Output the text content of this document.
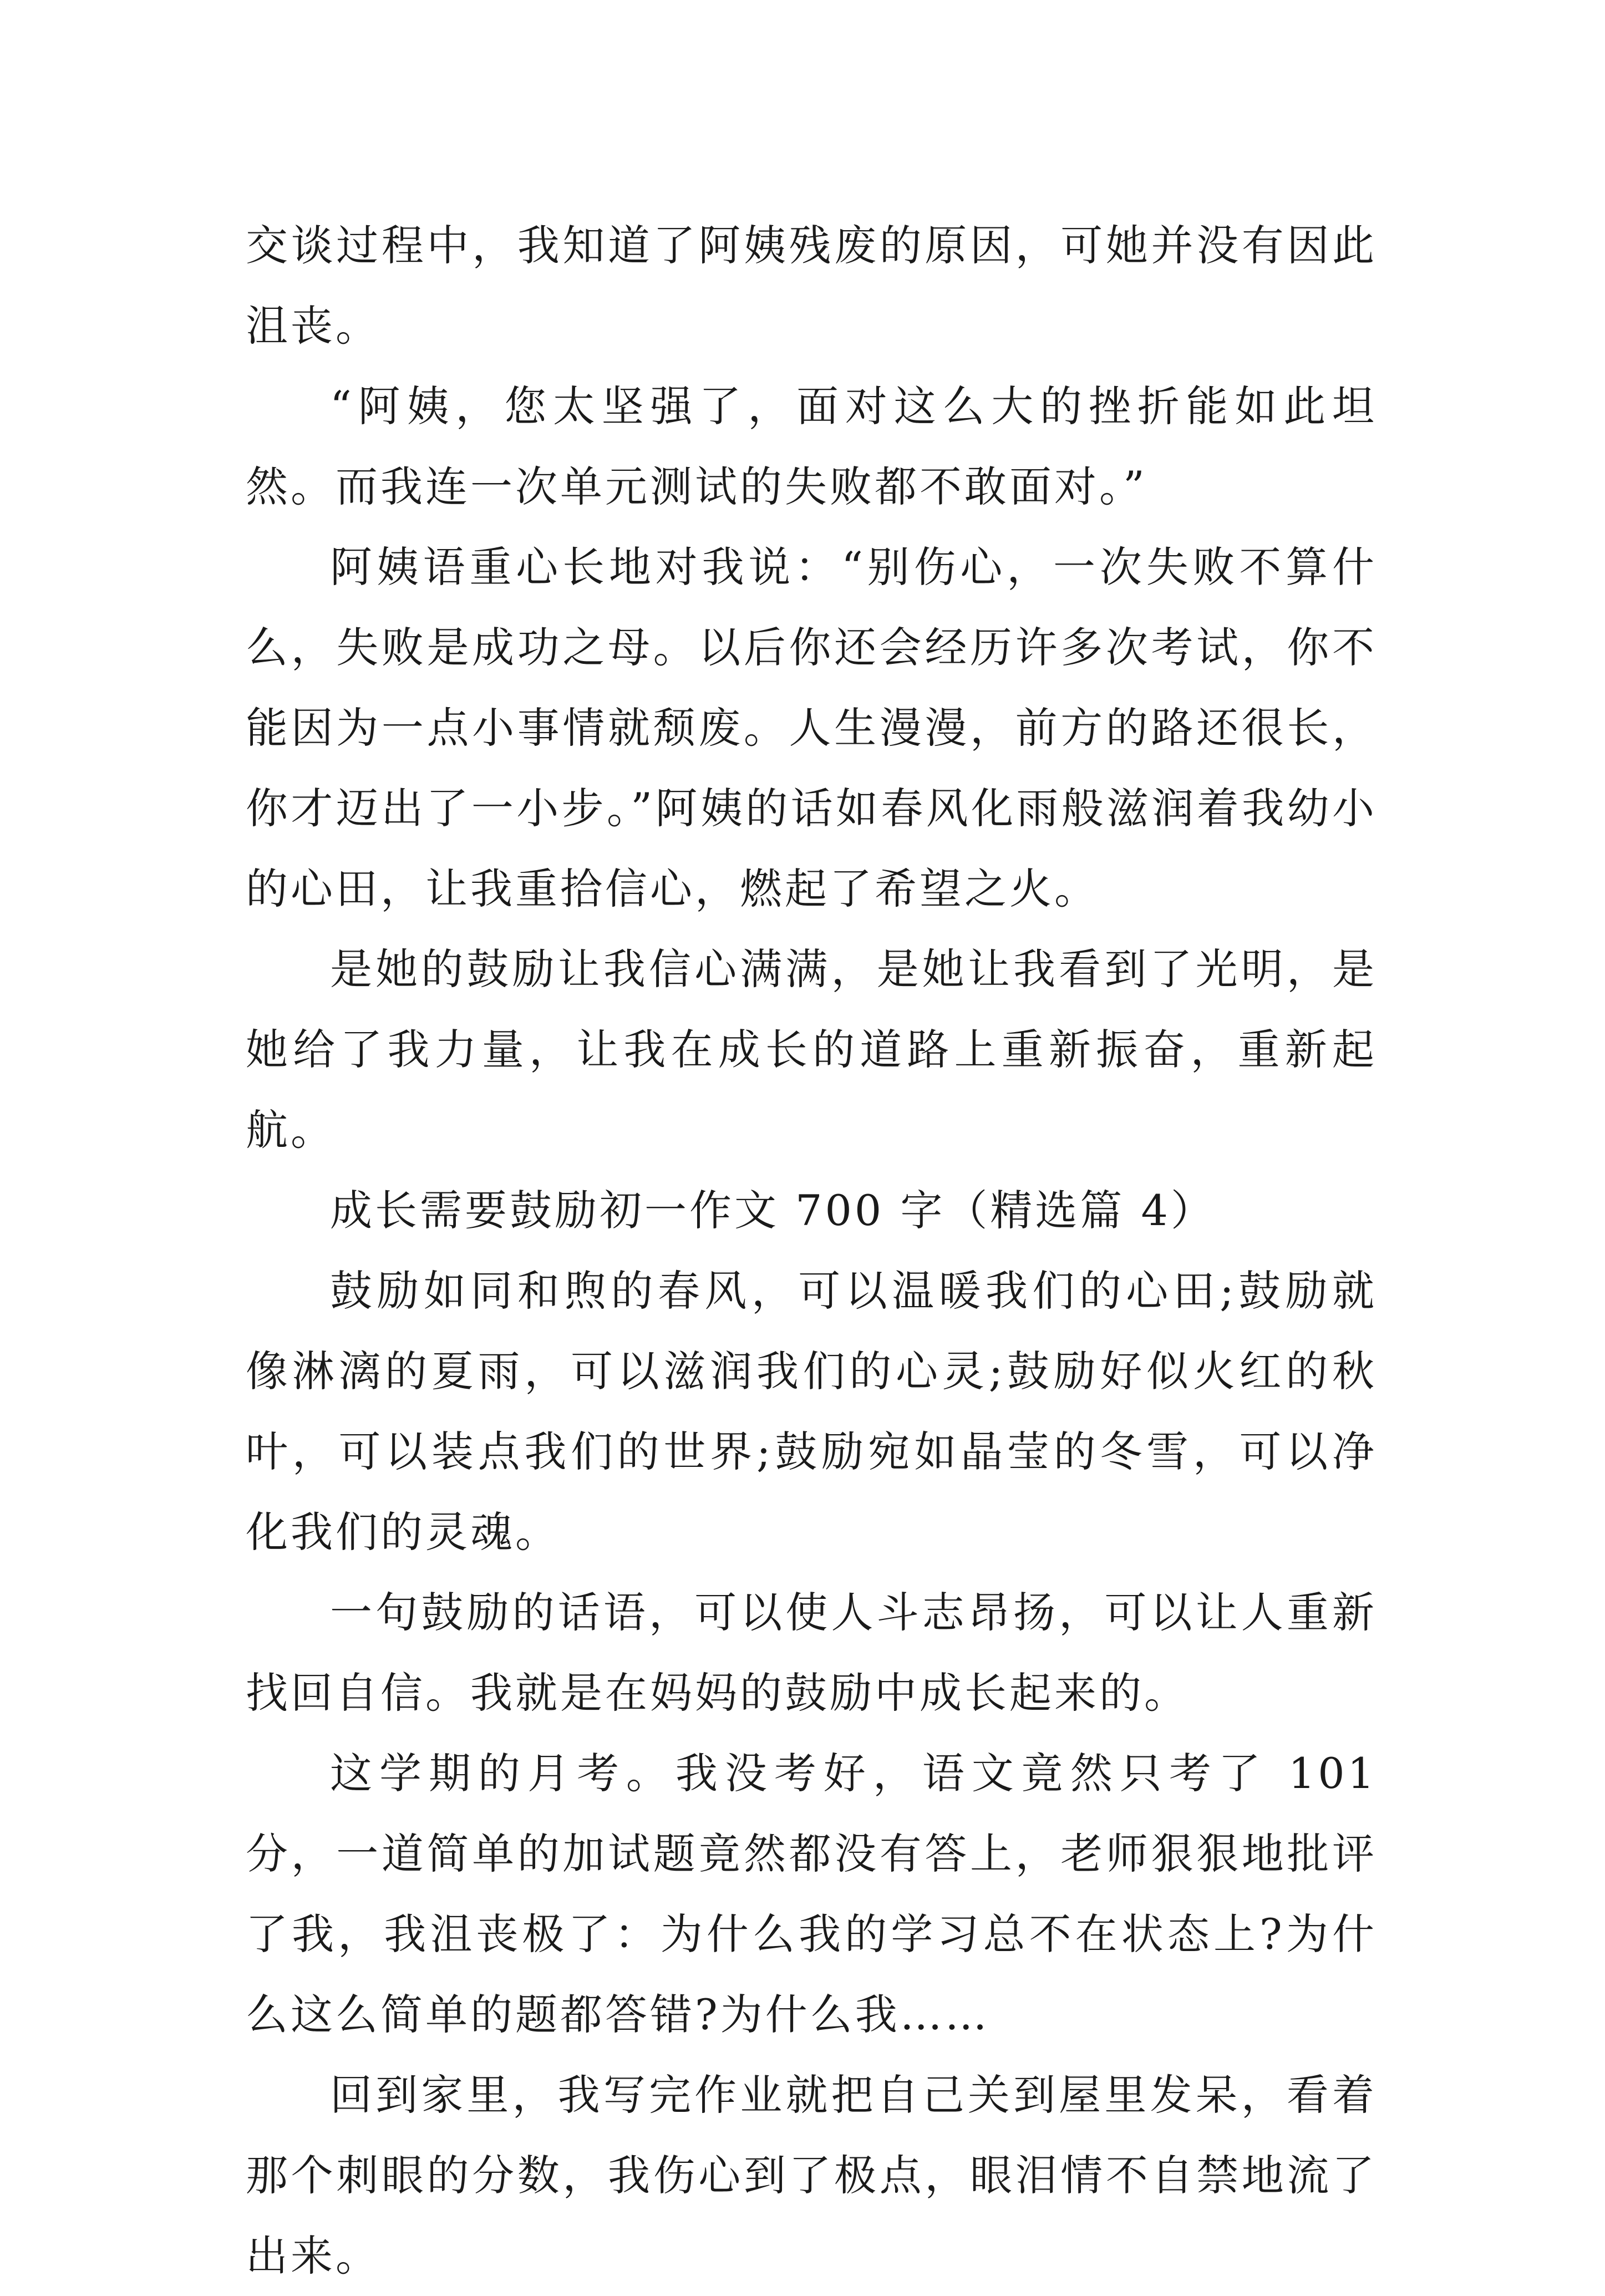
交谈过程中，我知道了阿姨残废的原因，可她并没有因此沮丧。

“阿姨，您太坚强了，面对这么大的挫折能如此坦然。而我连一次单元测试的失败都不敢面对。”

阿姨语重心长地对我说：“别伤心，一次失败不算什么，失败是成功之母。以后你还会经历许多次考试，你不能因为一点小事情就颓废。人生漫漫，前方的路还很长，你才迈出了一小步。”阿姨的话如春风化雨般滋润着我幼小的心田，让我重拾信心，燃起了希望之火。

是她的鼓励让我信心满满，是她让我看到了光明，是她给了我力量，让我在成长的道路上重新振奋，重新起航。

成长需要鼓励初一作文 700 字（精选篇 4）

鼓励如同和煦的春风，可以温暖我们的心田;鼓励就像淋漓的夏雨，可以滋润我们的心灵;鼓励好似火红的秋叶，可以装点我们的世界;鼓励宛如晶莹的冬雪，可以净化我们的灵魂。

一句鼓励的话语，可以使人斗志昂扬，可以让人重新找回自信。我就是在妈妈的鼓励中成长起来的。

这学期的月考。我没考好，语文竟然只考了 101 分，一道简单的加试题竟然都没有答上，老师狠狠地批评了我，我沮丧极了：为什么我的学习总不在状态上?为什么这么简单的题都答错?为什么我……

回到家里，我写完作业就把自己关到屋里发呆，看着那个刺眼的分数，我伤心到了极点，眼泪情不自禁地流了出来。
